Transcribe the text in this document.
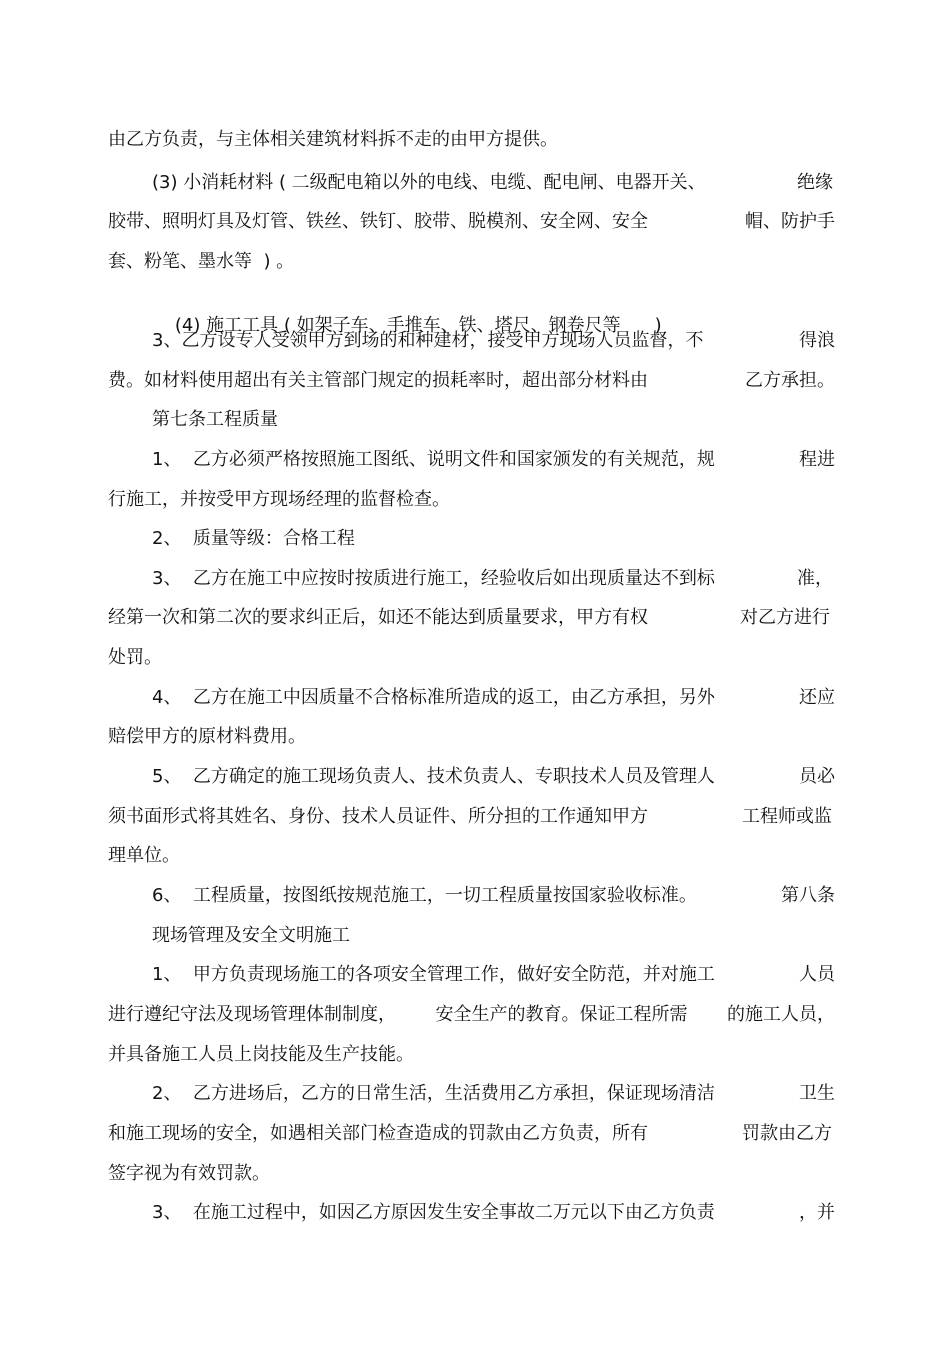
由乙方负责，与主体相关建筑材料拆不走的由甲方提供。
(3) 小消耗材料 ( 二级配电箱以外的电线、电缆、配电闸、电器开关、	绝缘
胶带、照明灯具及灯管、铁丝、铁钉、胶带、脱模剂、安全网、安全	帽、防护手
套、粉笔、墨水等  ) 。

(4) 施工工具 ( 如架子车、手推车、铁、塔尺、钢卷尺等 )

3、乙方设专人受领甲方到场的和种建材，接受甲方现场人员监督，不	得浪
费。如材料使用超出有关主管部门规定的损耗率时，超出部分材料由	乙方承担。
第七条工程质量
1、  乙方必须严格按照施工图纸、说明文件和国家颁发的有关规范，规	程进
行施工，并按受甲方现场经理的监督检查。
2、  质量等级：合格工程
3、  乙方在施工中应按时按质进行施工，经验收后如出现质量达不到标	准，
经第一次和第二次的要求纠正后，如还不能达到质量要求，甲方有权	对乙方进行
处罚。
4、  乙方在施工中因质量不合格标准所造成的返工，由乙方承担，另外	还应
赔偿甲方的原材料费用。
5、  乙方确定的施工现场负责人、技术负责人、专职技术人员及管理人	员必
须书面形式将其姓名、身份、技术人员证件、所分担的工作通知甲方	工程师或监
理单位。
6、  工程质量，按图纸按规范施工，一切工程质量按国家验收标准。	第八条
现场管理及安全文明施工
1、  甲方负责现场施工的各项安全管理工作，做好安全防范，并对施工	人员
进行遵纪守法及现场管理体制制度， 安全生产的教育。保证工程所需 的施工人员，
并具备施工人员上岗技能及生产技能。
2、  乙方进场后，乙方的日常生活，生活费用乙方承担，保证现场清洁	卫生
和施工现场的安全，如遇相关部门检查造成的罚款由乙方负责，所有	罚款由乙方
签字视为有效罚款。
3、  在施工过程中，如因乙方原因发生安全事故二万元以下由乙方负责	，并
